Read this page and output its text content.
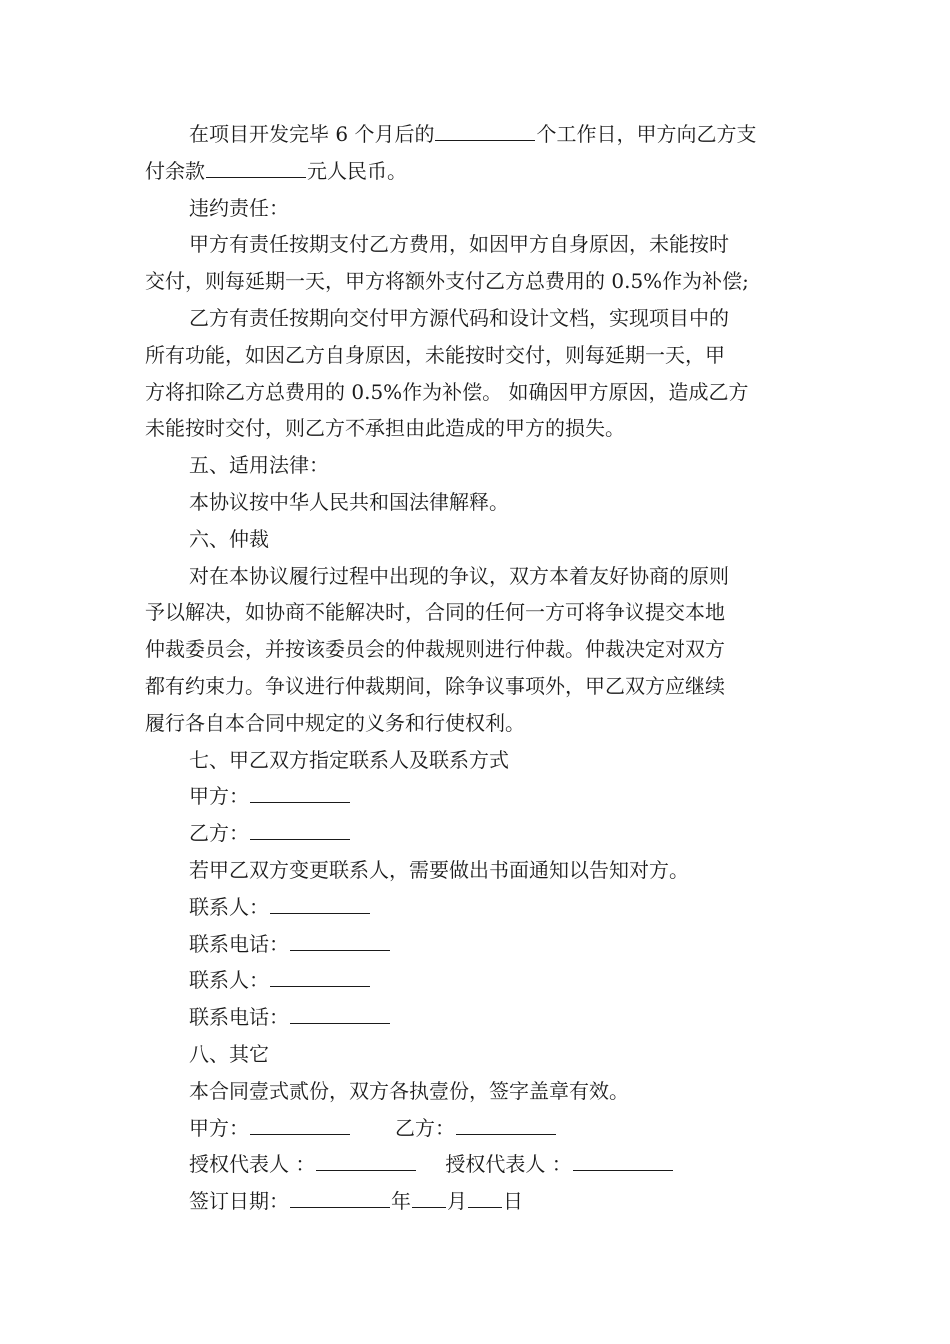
在项目开发完毕 6 个月后的	个工作日，甲方向乙方支

付余款	元人民币。

违约责任：

甲方有责任按期支付乙方费用，如因甲方自身原因，未能按时

交付，则每延期一天，甲方将额外支付乙方总费用的 0.5%作为补偿;

乙方有责任按期向交付甲方源代码和设计文档，实现项目中的

所有功能，如因乙方自身原因，未能按时交付，则每延期一天，甲

方将扣除乙方总费用的 0.5%作为补偿。 如确因甲方原因，造成乙方

未能按时交付，则乙方不承担由此造成的甲方的损失。

五、适用法律：

本协议按中华人民共和国法律解释。

六、仲裁

对在本协议履行过程中出现的争议，双方本着友好协商的原则

予以解决，如协商不能解决时，合同的任何一方可将争议提交本地

仲裁委员会，并按该委员会的仲裁规则进行仲裁。仲裁决定对双方

都有约束力。争议进行仲裁期间，除争议事项外，甲乙双方应继续

履行各自本合同中规定的义务和行使权利。

七、甲乙双方指定联系人及联系方式

甲方：

乙方：

若甲乙双方变更联系人，需要做出书面通知以告知对方。

联系人：

联系电话：

联系人：

联系电话：

八、其它

本合同壹式贰份，双方各执壹份，签字盖章有效。

甲方：	乙方：

授权代表人 ：	授权代表人 ：

签订日期：	年 月 日
